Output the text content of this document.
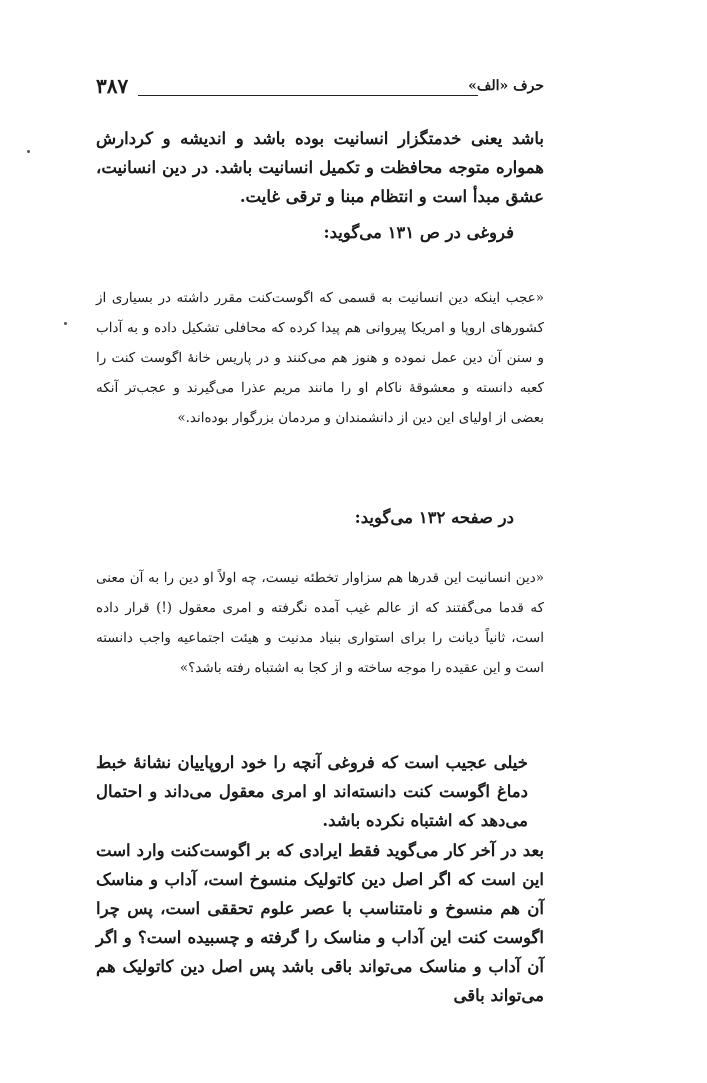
حرف «الف»
۳۸۷
باشد یعنی خدمتگزار انسانیت بوده باشد و اندیشه و کردارش همواره متوجه محافظت و تکمیل انسانیت باشد. در دین انسانیت، عشق مبدأ است و انتظام مبنا و ترقی غایت.
فروغی در ص ۱۳۱ می‌گوید:
«عجب اینکه دین انسانیت به قسمی که اگوست‌کنت مقرر داشته در بسیاری از کشورهای اروپا و امریکا پیروانی هم پیدا کرده که محافلی تشکیل داده و به آداب و سنن آن دین عمل نموده و هنوز هم می‌کنند و در پاریس خانهٔ اگوست کنت را کعبه دانسته و معشوقهٔ ناکام او را مانند مریم عذرا می‌گیرند و عجب‌تر آنکه بعضی از اولیای این دین از دانشمندان و مردمان بزرگوار بوده‌اند.»
در صفحه ۱۳۲ می‌گوید:
«دین انسانیت این قدرها هم سزاوار تخطئه نیست، چه اولاً او دین را به آن معنی که قدما می‌گفتند که از عالم غیب آمده نگرفته و امری معقول (!) قرار داده است، ثانیاً دیانت را برای استواری بنیاد مدنیت و هیئت اجتماعیه واجب دانسته است و این عقیده را موجه ساخته و از کجا به اشتباه رفته باشد؟»
خیلی عجیب است که فروغی آنچه را خود اروپاییان نشانهٔ خبط دماغ اگوست کنت دانسته‌اند او امری معقول می‌داند و احتمال می‌دهد که اشتباه نکرده باشد.
بعد در آخر کار می‌گوید فقط ایرادی که بر اگوست‌کنت وارد است این است که اگر اصل دین کاتولیک منسوخ است، آداب و مناسک آن هم منسوخ و نامتناسب با عصر علوم تحققی است، پس چرا اگوست کنت این آداب و مناسک را گرفته و چسبیده است؟ و اگر آن آداب و مناسک می‌تواند باقی باشد پس اصل دین کاتولیک هم می‌تواند باقی
